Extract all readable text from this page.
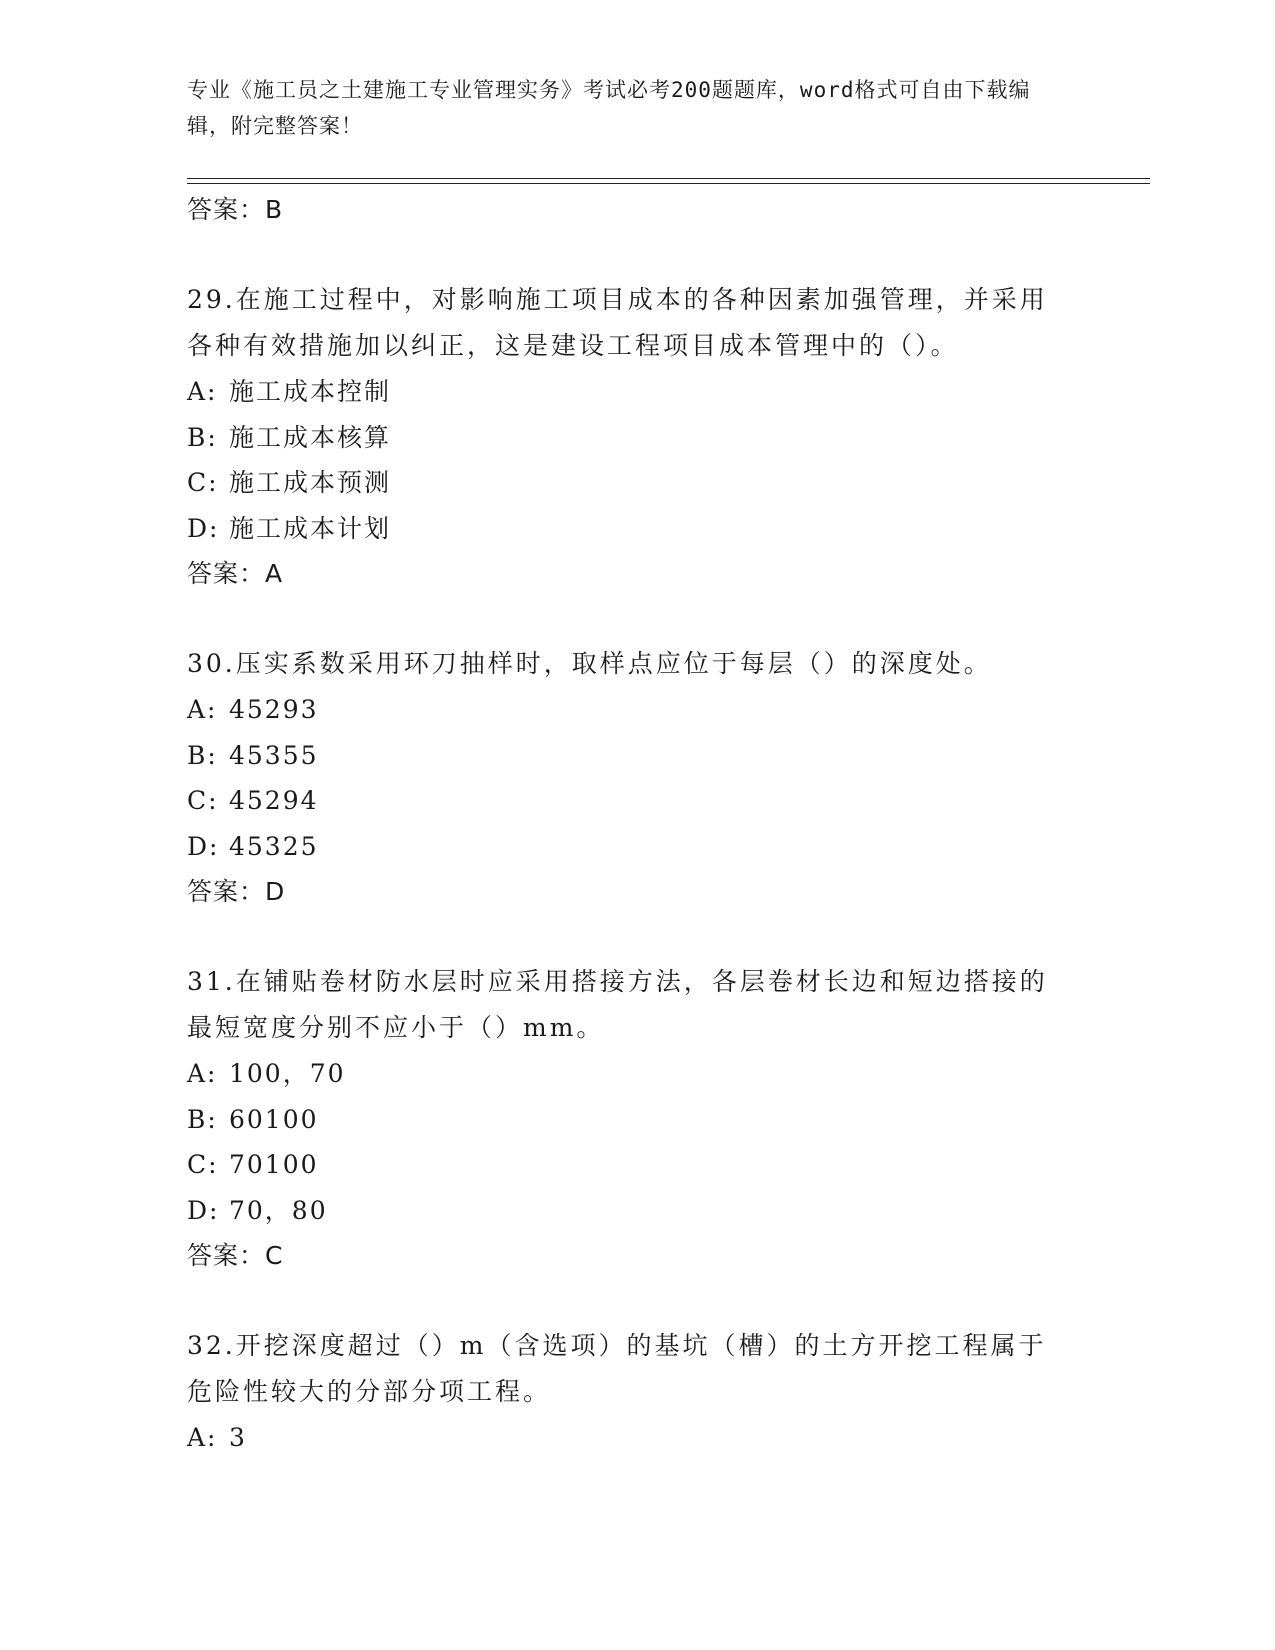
专业《施工员之土建施工专业管理实务》考试必考200题题库，word格式可自由下载编辑，附完整答案！
答案：B
29.在施工过程中，对影响施工项目成本的各种因素加强管理，并采用各种有效措施加以纠正，这是建设工程项目成本管理中的（）。
A: 施工成本控制
B: 施工成本核算
C: 施工成本预测
D: 施工成本计划
答案：A
30.压实系数采用环刀抽样时，取样点应位于每层（）的深度处。
A: 45293
B: 45355
C: 45294
D: 45325
答案：D
31.在铺贴卷材防水层时应采用搭接方法，各层卷材长边和短边搭接的最短宽度分别不应小于（）mm。
A: 100，70
B: 60100
C: 70100
D: 70，80
答案：C
32.开挖深度超过（）m（含选项）的基坑（槽）的土方开挖工程属于危险性较大的分部分项工程。
A: 3
